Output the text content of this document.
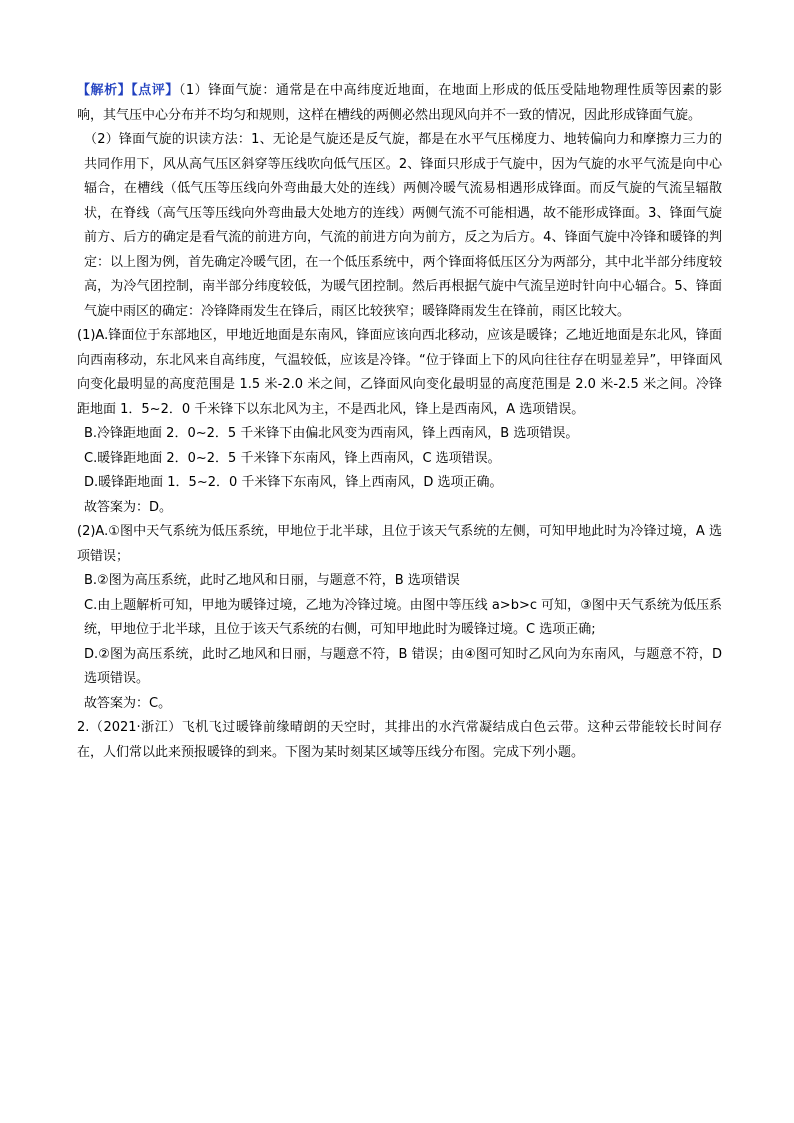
【解析】【点评】（1）锋面气旋：通常是在中高纬度近地面，在地面上形成的低压受陆地物理性质等因素的影响，其气压中心分布并不均匀和规则，这样在槽线的两侧必然出现风向并不一致的情况，因此形成锋面气旋。

（2）锋面气旋的识读方法：1、无论是气旋还是反气旋，都是在水平气压梯度力、地转偏向力和摩擦力三力的共同作用下，风从高气压区斜穿等压线吹向低气压区。2、锋面只形成于气旋中，因为气旋的水平气流是向中心辐合，在槽线（低气压等压线向外弯曲最大处的连线）两侧冷暖气流易相遇形成锋面。而反气旋的气流呈辐散状，在脊线（高气压等压线向外弯曲最大处地方的连线）两侧气流不可能相遇，故不能形成锋面。3、锋面气旋前方、后方的确定是看气流的前进方向，气流的前进方向为前方，反之为后方。4、锋面气旋中冷锋和暖锋的判定：以上图为例，首先确定冷暖气团，在一个低压系统中，两个锋面将低压区分为两部分，其中北半部分纬度较高，为冷气团控制，南半部分纬度较低，为暖气团控制。然后再根据气旋中气流呈逆时针向中心辐合。5、锋面气旋中雨区的确定：冷锋降雨发生在锋后，雨区比较狭窄；暖锋降雨发生在锋前，雨区比较大。

(1)A.锋面位于东部地区，甲地近地面是东南风，锋面应该向西北移动，应该是暖锋；乙地近地面是东北风，锋面向西南移动，东北风来自高纬度，气温较低，应该是冷锋。“位于锋面上下的风向往往存在明显差异”，甲锋面风向变化最明显的高度范围是 1.5 米-2.0 米之间，乙锋面风向变化最明显的高度范围是 2.0 米-2.5 米之间。冷锋距地面 1．5~2．0 千米锋下以东北风为主，不是西北风，锋上是西南风，A 选项错误。

B.冷锋距地面 2．0~2．5 千米锋下由偏北风变为西南风，锋上西南风，B 选项错误。

C.暖锋距地面 2．0~2．5 千米锋下东南风，锋上西南风，C 选项错误。

D.暖锋距地面 1．5~2．0 千米锋下东南风，锋上西南风，D 选项正确。

故答案为：D。

(2)A.①图中天气系统为低压系统，甲地位于北半球，且位于该天气系统的左侧，可知甲地此时为冷锋过境，A 选项错误；

B.②图为高压系统，此时乙地风和日丽，与题意不符，B 选项错误

C.由上题解析可知，甲地为暖锋过境，乙地为冷锋过境。由图中等压线 a>b>c 可知，③图中天气系统为低压系统，甲地位于北半球，且位于该天气系统的右侧，可知甲地此时为暖锋过境。C 选项正确;

D.②图为高压系统，此时乙地风和日丽，与题意不符，B 错误；由④图可知时乙风向为东南风，与题意不符，D 选项错误。

故答案为：C。

2.（2021·浙江）飞机飞过暖锋前缘晴朗的天空时，其排出的水汽常凝结成白色云带。这种云带能较长时间存在，人们常以此来预报暖锋的到来。下图为某时刻某区域等压线分布图。完成下列小题。
